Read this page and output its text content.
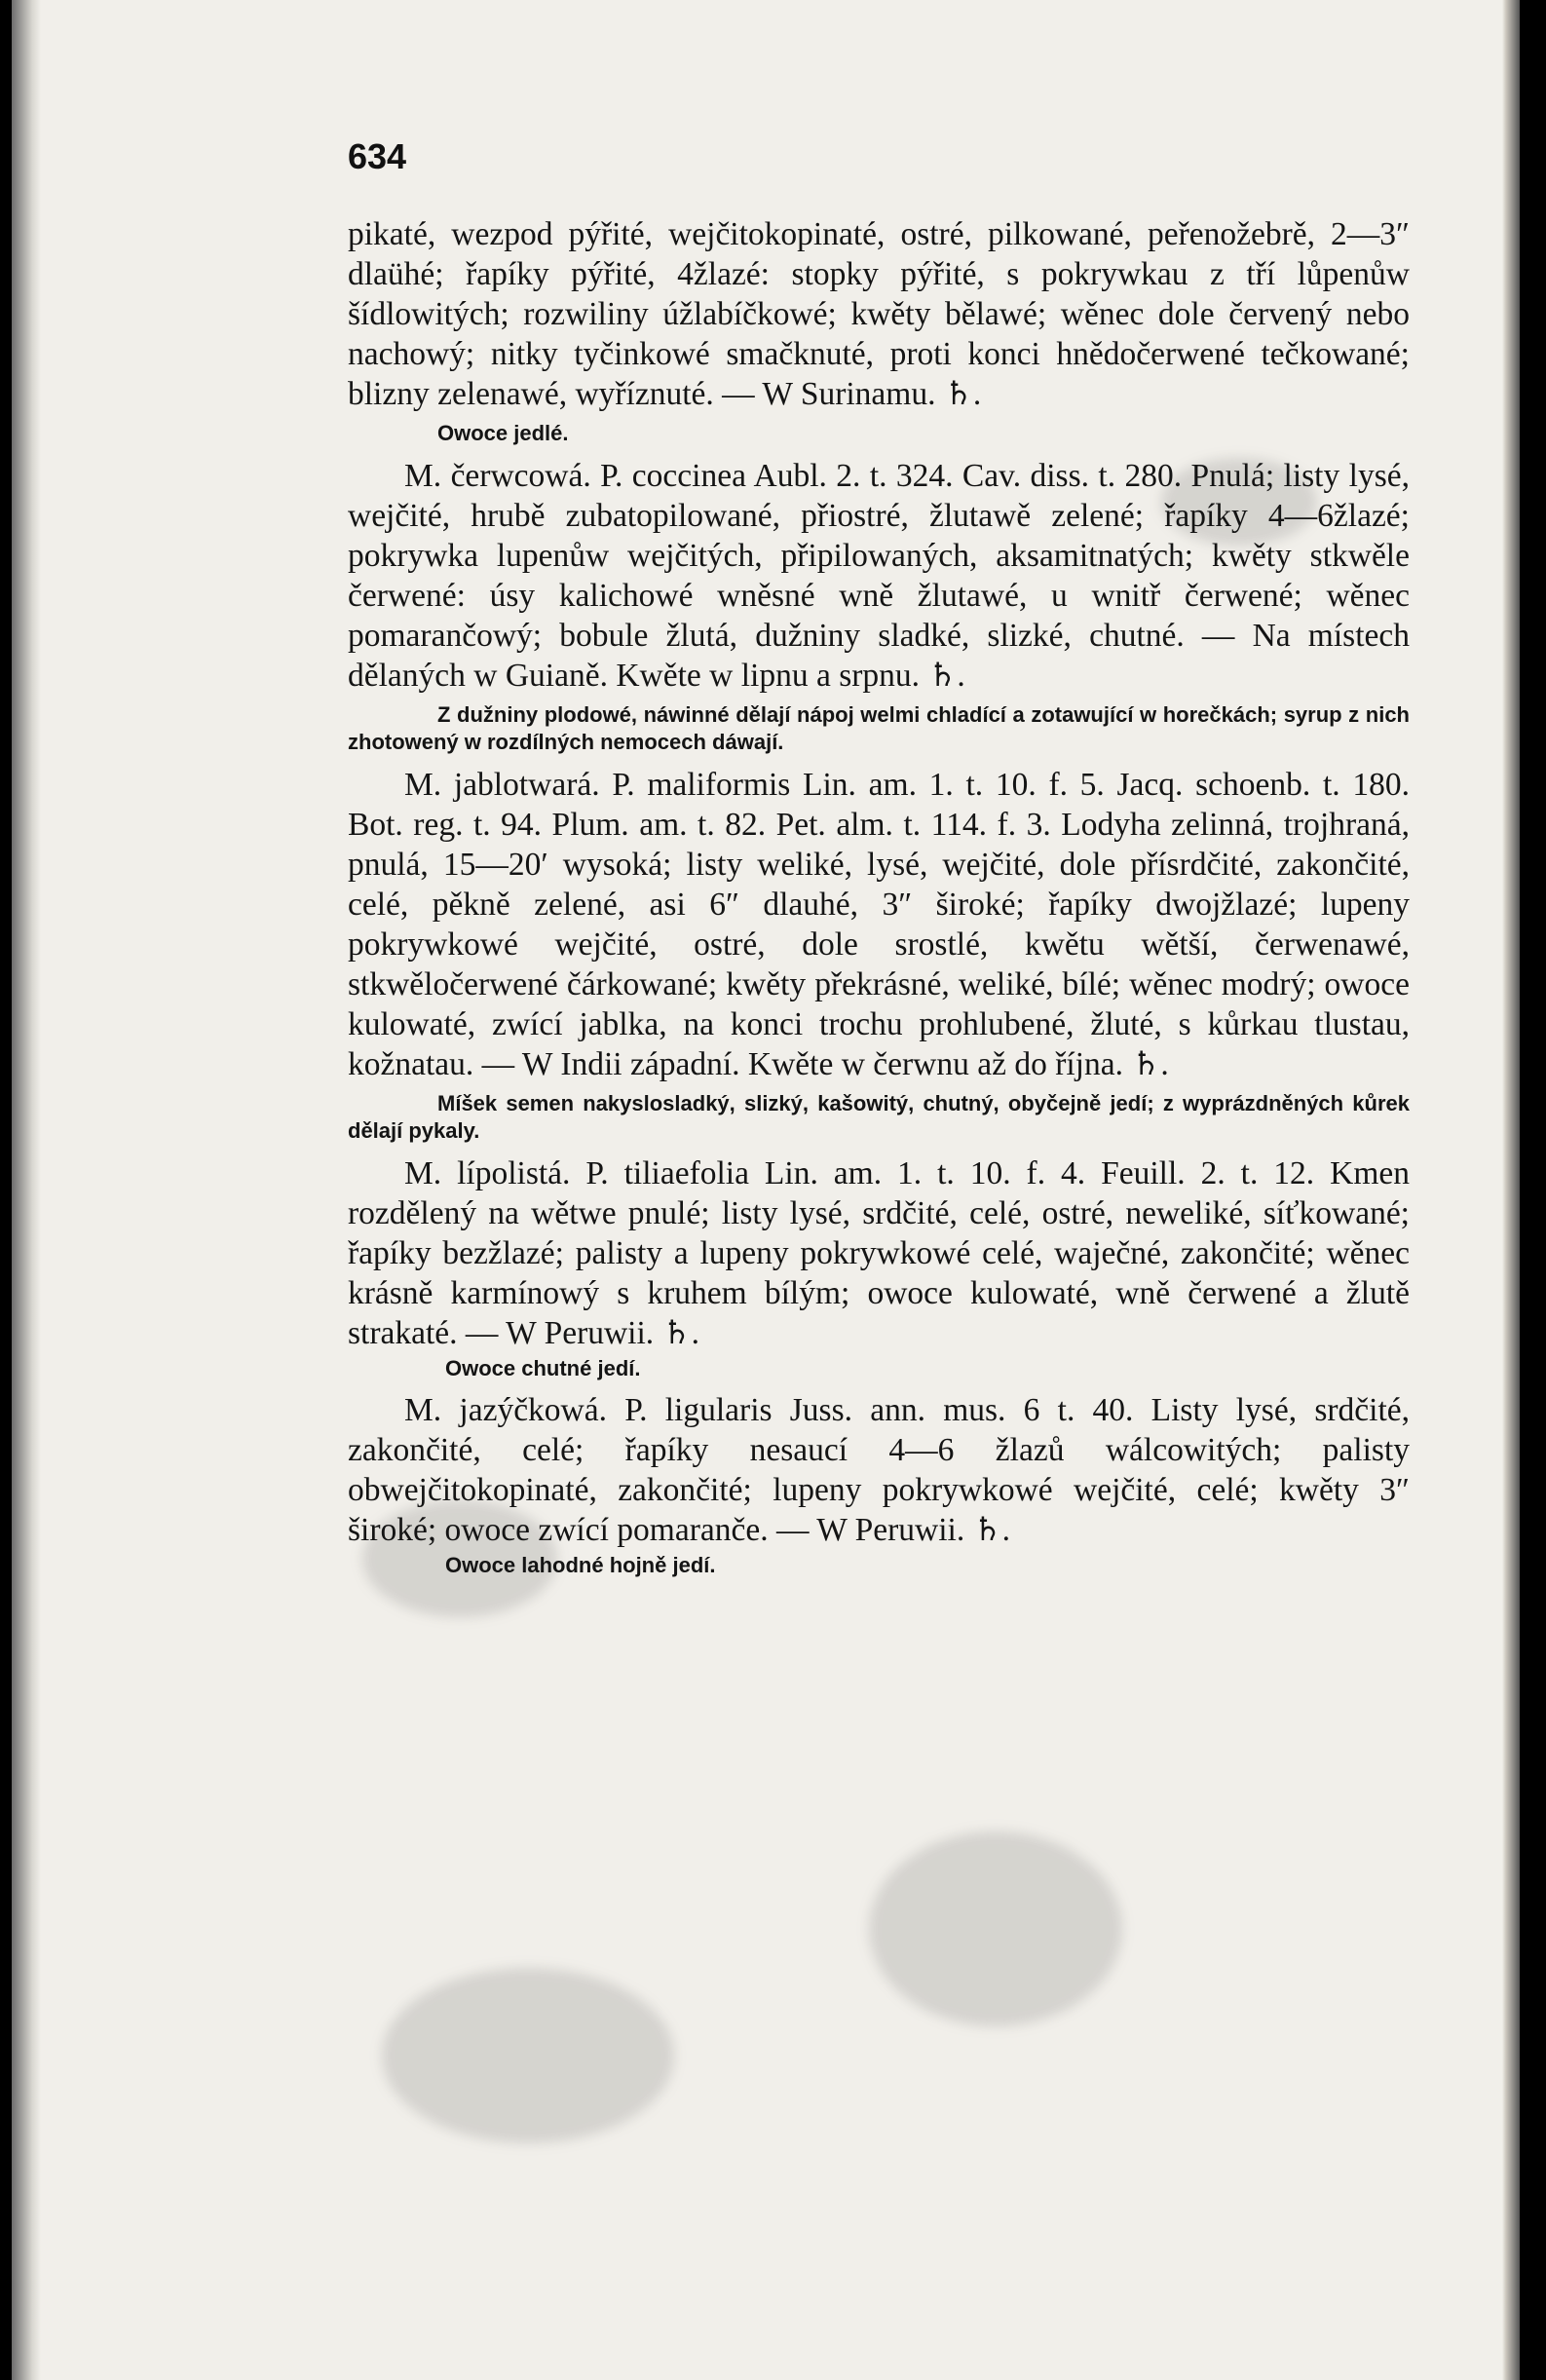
634

pikaté, wezpod pýřité, wejčitokopinaté, ostré, pilkowané, peřenožebrě, 2—3″ dlaühé; řapíky pýřité, 4žlazé: stopky pýřité, s pokrywkau z tří lůpenůw šídlowitých; rozwiliny úžlabíčkowé; kwěty bělawé; wěnec dole červený nebo nachowý; nitky tyčinkowé smačknuté, proti konci hnědočerwené tečkowané; blizny zelenawé, wyříznuté. — W Surinamu. ♄.

Owoce jedlé.

M. čerwcowá. P. coccinea Aubl. 2. t. 324. Cav. diss. t. 280. Pnulá; listy lysé, wejčité, hrubě zubatopilowané, přiostré, žlutawě zelené; řapíky 4—6žlazé; pokrywka lupenůw wejčitých, připilowaných, aksamitnatých; kwěty stkwěle čerwené: úsy kalichowé wněsné wně žlutawé, u wnitř čerwené; wěnec pomarančowý; bobule žlutá, dužniny sladké, slizké, chutné. — Na místech dělaných w Guianě. Kwěte w lipnu a srpnu. ♄.

Z dužniny plodowé, náwinné dělají nápoj welmi chladící a zotawující w horečkách; syrup z nich zhotowený w rozdílných nemocech dáwají.

M. jablotwará. P. maliformis Lin. am. 1. t. 10. f. 5. Jacq. schoenb. t. 180. Bot. reg. t. 94. Plum. am. t. 82. Pet. alm. t. 114. f. 3. Lodyha zelinná, trojhraná, pnulá, 15—20′ wysoká; listy weliké, lysé, wejčité, dole přísrdčité, zakončité, celé, pěkně zelené, asi 6″ dlauhé, 3″ široké; řapíky dwojžlazé; lupeny pokrywkowé wejčité, ostré, dole srostlé, kwětu wětší, čerwenawé, stkwěločerwené čárkowané; kwěty překrásné, weliké, bílé; wěnec modrý; owoce kulowaté, zwící jablka, na konci trochu prohlubené, žluté, s kůrkau tlustau, kožnatau. — W Indii západní. Kwěte w čerwnu až do října. ♄.

Míšek semen nakyslosladký, slizký, kašowitý, chutný, obyčejně jedí; z wyprázdněných kůrek dělají pykaly.

M. lípolistá. P. tiliaefolia Lin. am. 1. t. 10. f. 4. Feuill. 2. t. 12. Kmen rozdělený na wětwe pnulé; listy lysé, srdčité, celé, ostré, neweliké, síťkowané; řapíky bezžlazé; palisty a lupeny pokrywkowé celé, waječné, zakončité; wěnec krásně karmínowý s kruhem bílým; owoce kulowaté, wně čerwené a žlutě strakaté. — W Peruwii. ♄.

Owoce chutné jedí.

M. jazýčkowá. P. ligularis Juss. ann. mus. 6 t. 40. Listy lysé, srdčité, zakončité, celé; řapíky nesaucí 4—6 žlazů wálcowitých; palisty obwejčitokopinaté, zakončité; lupeny pokrywkowé wejčité, celé; kwěty 3″ široké; owoce zwící pomaranče. — W Peruwii. ♄.

Owoce lahodné hojně jedí.
